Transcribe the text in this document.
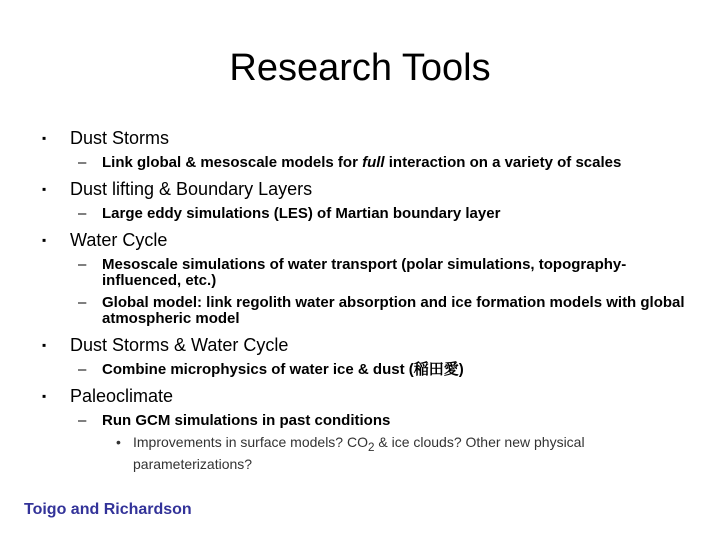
Research Tools
▪ Dust Storms
– Link global & mesoscale models for full interaction on a variety of scales
▪ Dust lifting & Boundary Layers
– Large eddy simulations (LES) of Martian boundary layer
▪ Water Cycle
– Mesoscale simulations of water transport (polar simulations, topography-influenced, etc.)
– Global model: link regolith water absorption and ice formation models with global atmospheric model
▪ Dust Storms & Water Cycle
– Combine microphysics of water ice & dust (稲田愛)
▪ Paleoclimate
– Run GCM simulations in past conditions
• Improvements in surface models? $CO_2$ & ice clouds? Other new physical parameterizations?
Toigo and Richardson
